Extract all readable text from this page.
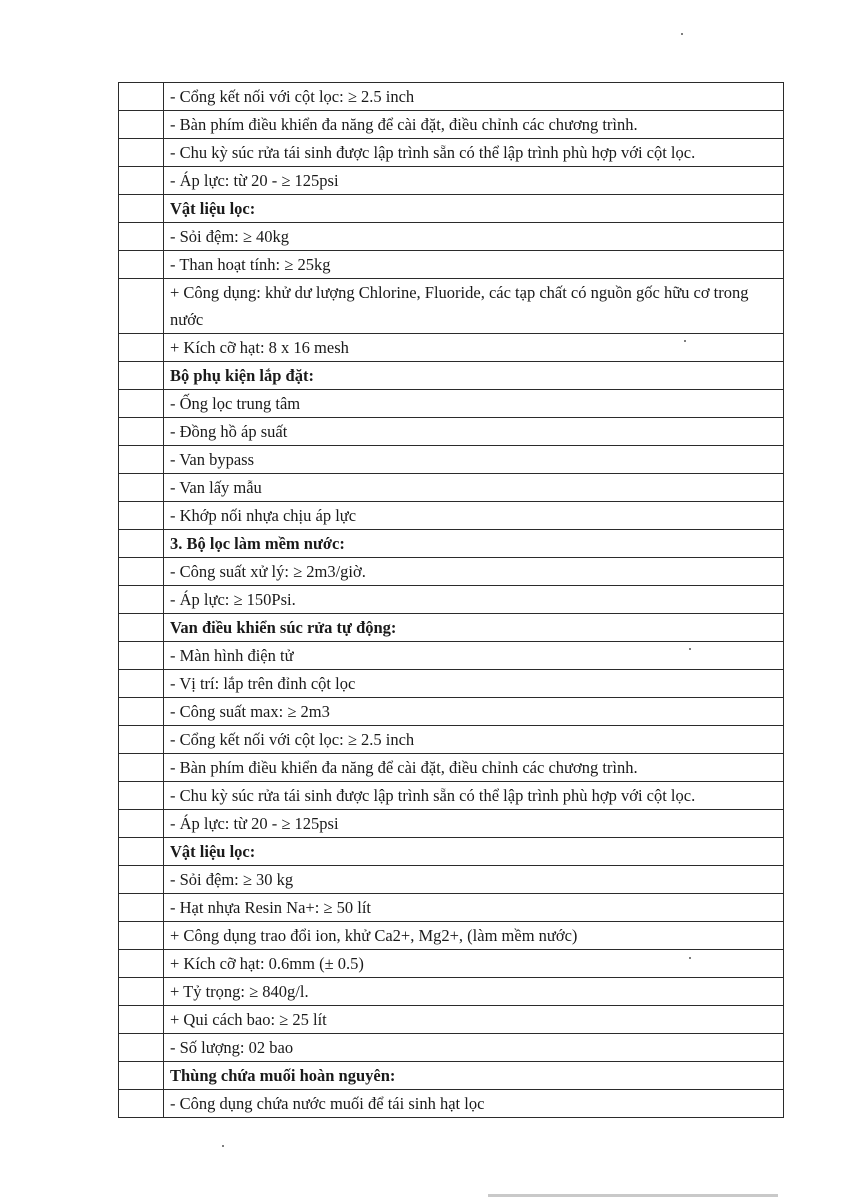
	- Cổng kết nối với cột lọc: ≥ 2.5 inch
	- Bàn phím điều khiển đa năng để cài đặt, điều chỉnh các chương trình.
	- Chu kỳ súc rửa tái sinh được lập trình sẵn có thể lập trình phù hợp với cột lọc.
	- Áp lực: từ 20 - ≥ 125psi
	Vật liệu lọc:
	- Sỏi đệm: ≥ 40kg
	- Than hoạt tính: ≥ 25kg
	+ Công dụng: khử dư lượng Chlorine, Fluoride, các tạp chất có nguồn gốc hữu cơ trong nước
	+ Kích cỡ hạt: 8 x 16 mesh
	Bộ phụ kiện lắp đặt:
	- Ống lọc trung tâm
	- Đồng hồ áp suất
	- Van bypass
	- Van lấy mẫu
	- Khớp nối nhựa chịu áp lực
	3. Bộ lọc làm mềm nước:
	- Công suất xử lý: ≥ 2m3/giờ.
	- Áp lực: ≥ 150Psi.
	Van điều khiển súc rửa tự động:
	- Màn hình điện tử
	- Vị trí: lắp trên đỉnh cột lọc
	- Công suất max: ≥ 2m3
	- Cổng kết nối với cột lọc: ≥ 2.5 inch
	- Bàn phím điều khiển đa năng để cài đặt, điều chỉnh các chương trình.
	- Chu kỳ súc rửa tái sinh được lập trình sẵn có thể lập trình phù hợp với cột lọc.
	- Áp lực: từ 20 - ≥ 125psi
	Vật liệu lọc:
	- Sỏi đệm: ≥ 30 kg
	- Hạt nhựa Resin Na+: ≥ 50 lít
	+ Công dụng trao đổi ion, khử Ca2+, Mg2+, (làm mềm nước)
	+ Kích cỡ hạt: 0.6mm (± 0.5)
	+ Tỷ trọng: ≥ 840g/l.
	+ Qui cách bao: ≥ 25 lít
	- Số lượng: 02 bao
	Thùng chứa muối hoàn nguyên:
	- Công dụng chứa nước muối để tái sinh hạt lọc
